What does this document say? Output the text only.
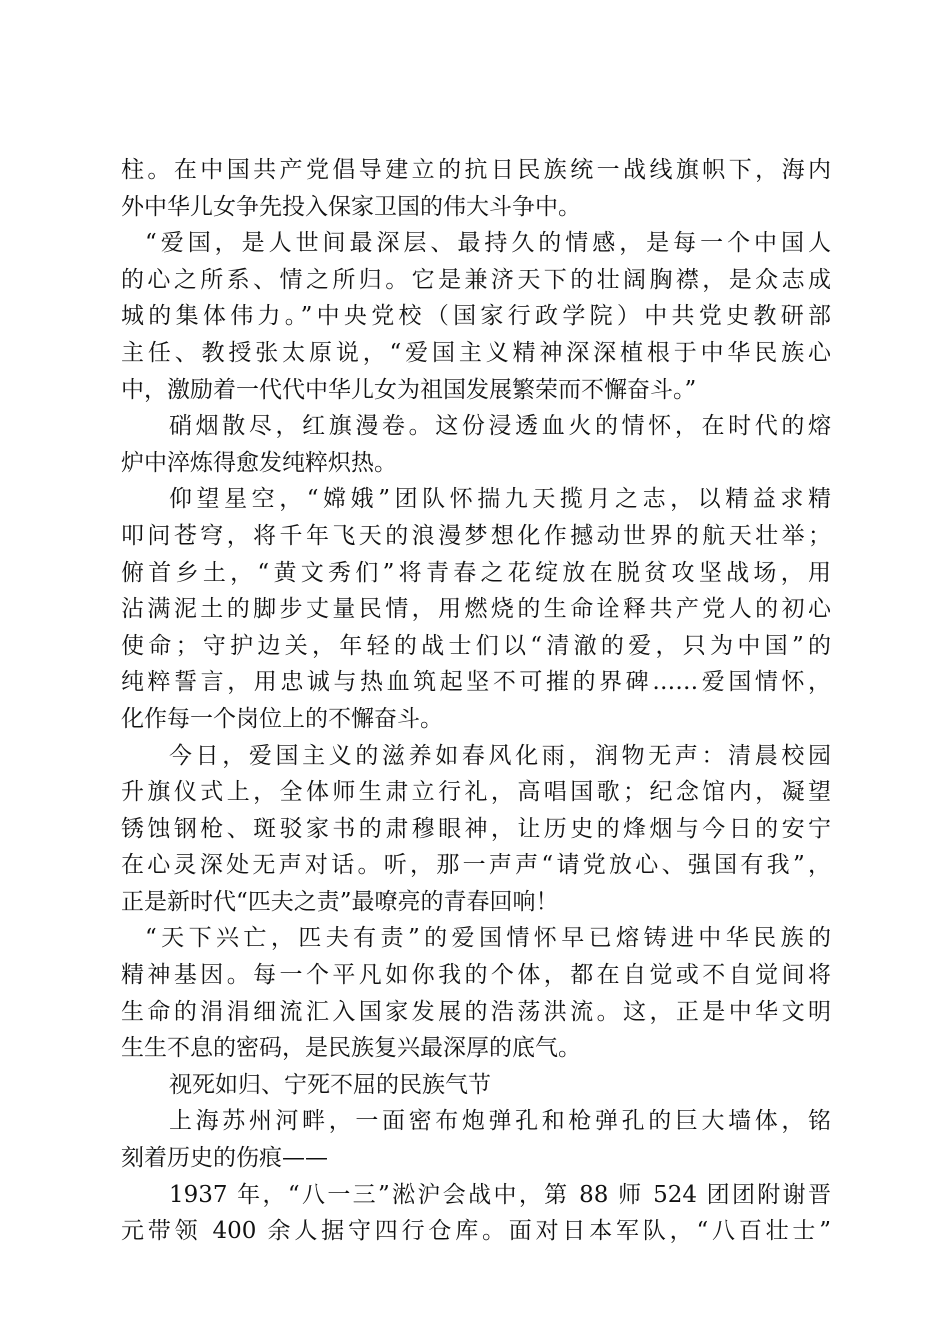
柱。在中国共产党倡导建立的抗日民族统一战线旗帜下，海内
外中华儿女争先投入保家卫国的伟大斗争中。
“爱国，是人世间最深层、最持久的情感，是每一个中国人
的心之所系、情之所归。它是兼济天下的壮阔胸襟，是众志成
城的集体伟力。”中央党校（国家行政学院）中共党史教研部
主任、教授张太原说，“爱国主义精神深深植根于中华民族心
中，激励着一代代中华儿女为祖国发展繁荣而不懈奋斗。”
硝烟散尽，红旗漫卷。这份浸透血火的情怀，在时代的熔
炉中淬炼得愈发纯粹炽热。
仰望星空，“嫦娥”团队怀揣九天揽月之志，以精益求精
叩问苍穹，将千年飞天的浪漫梦想化作撼动世界的航天壮举；
俯首乡土，“黄文秀们”将青春之花绽放在脱贫攻坚战场，用
沾满泥土的脚步丈量民情，用燃烧的生命诠释共产党人的初心
使命；守护边关，年轻的战士们以“清澈的爱，只为中国”的
纯粹誓言，用忠诚与热血筑起坚不可摧的界碑……爱国情怀，
化作每一个岗位上的不懈奋斗。
今日，爱国主义的滋养如春风化雨，润物无声：清晨校园
升旗仪式上，全体师生肃立行礼，高唱国歌；纪念馆内，凝望
锈蚀钢枪、斑驳家书的肃穆眼神，让历史的烽烟与今日的安宁
在心灵深处无声对话。听，那一声声“请党放心、强国有我”，
正是新时代“匹夫之责”最嘹亮的青春回响！
“天下兴亡，匹夫有责”的爱国情怀早已熔铸进中华民族的
精神基因。每一个平凡如你我的个体，都在自觉或不自觉间将
生命的涓涓细流汇入国家发展的浩荡洪流。这，正是中华文明
生生不息的密码，是民族复兴最深厚的底气。
视死如归、宁死不屈的民族气节
上海苏州河畔，一面密布炮弹孔和枪弹孔的巨大墙体，铭
刻着历史的伤痕——
1937 年，“八一三”淞沪会战中，第 88 师 524 团团附谢晋
元带领 400 余人据守四行仓库。面对日本军队，“八百壮士”
